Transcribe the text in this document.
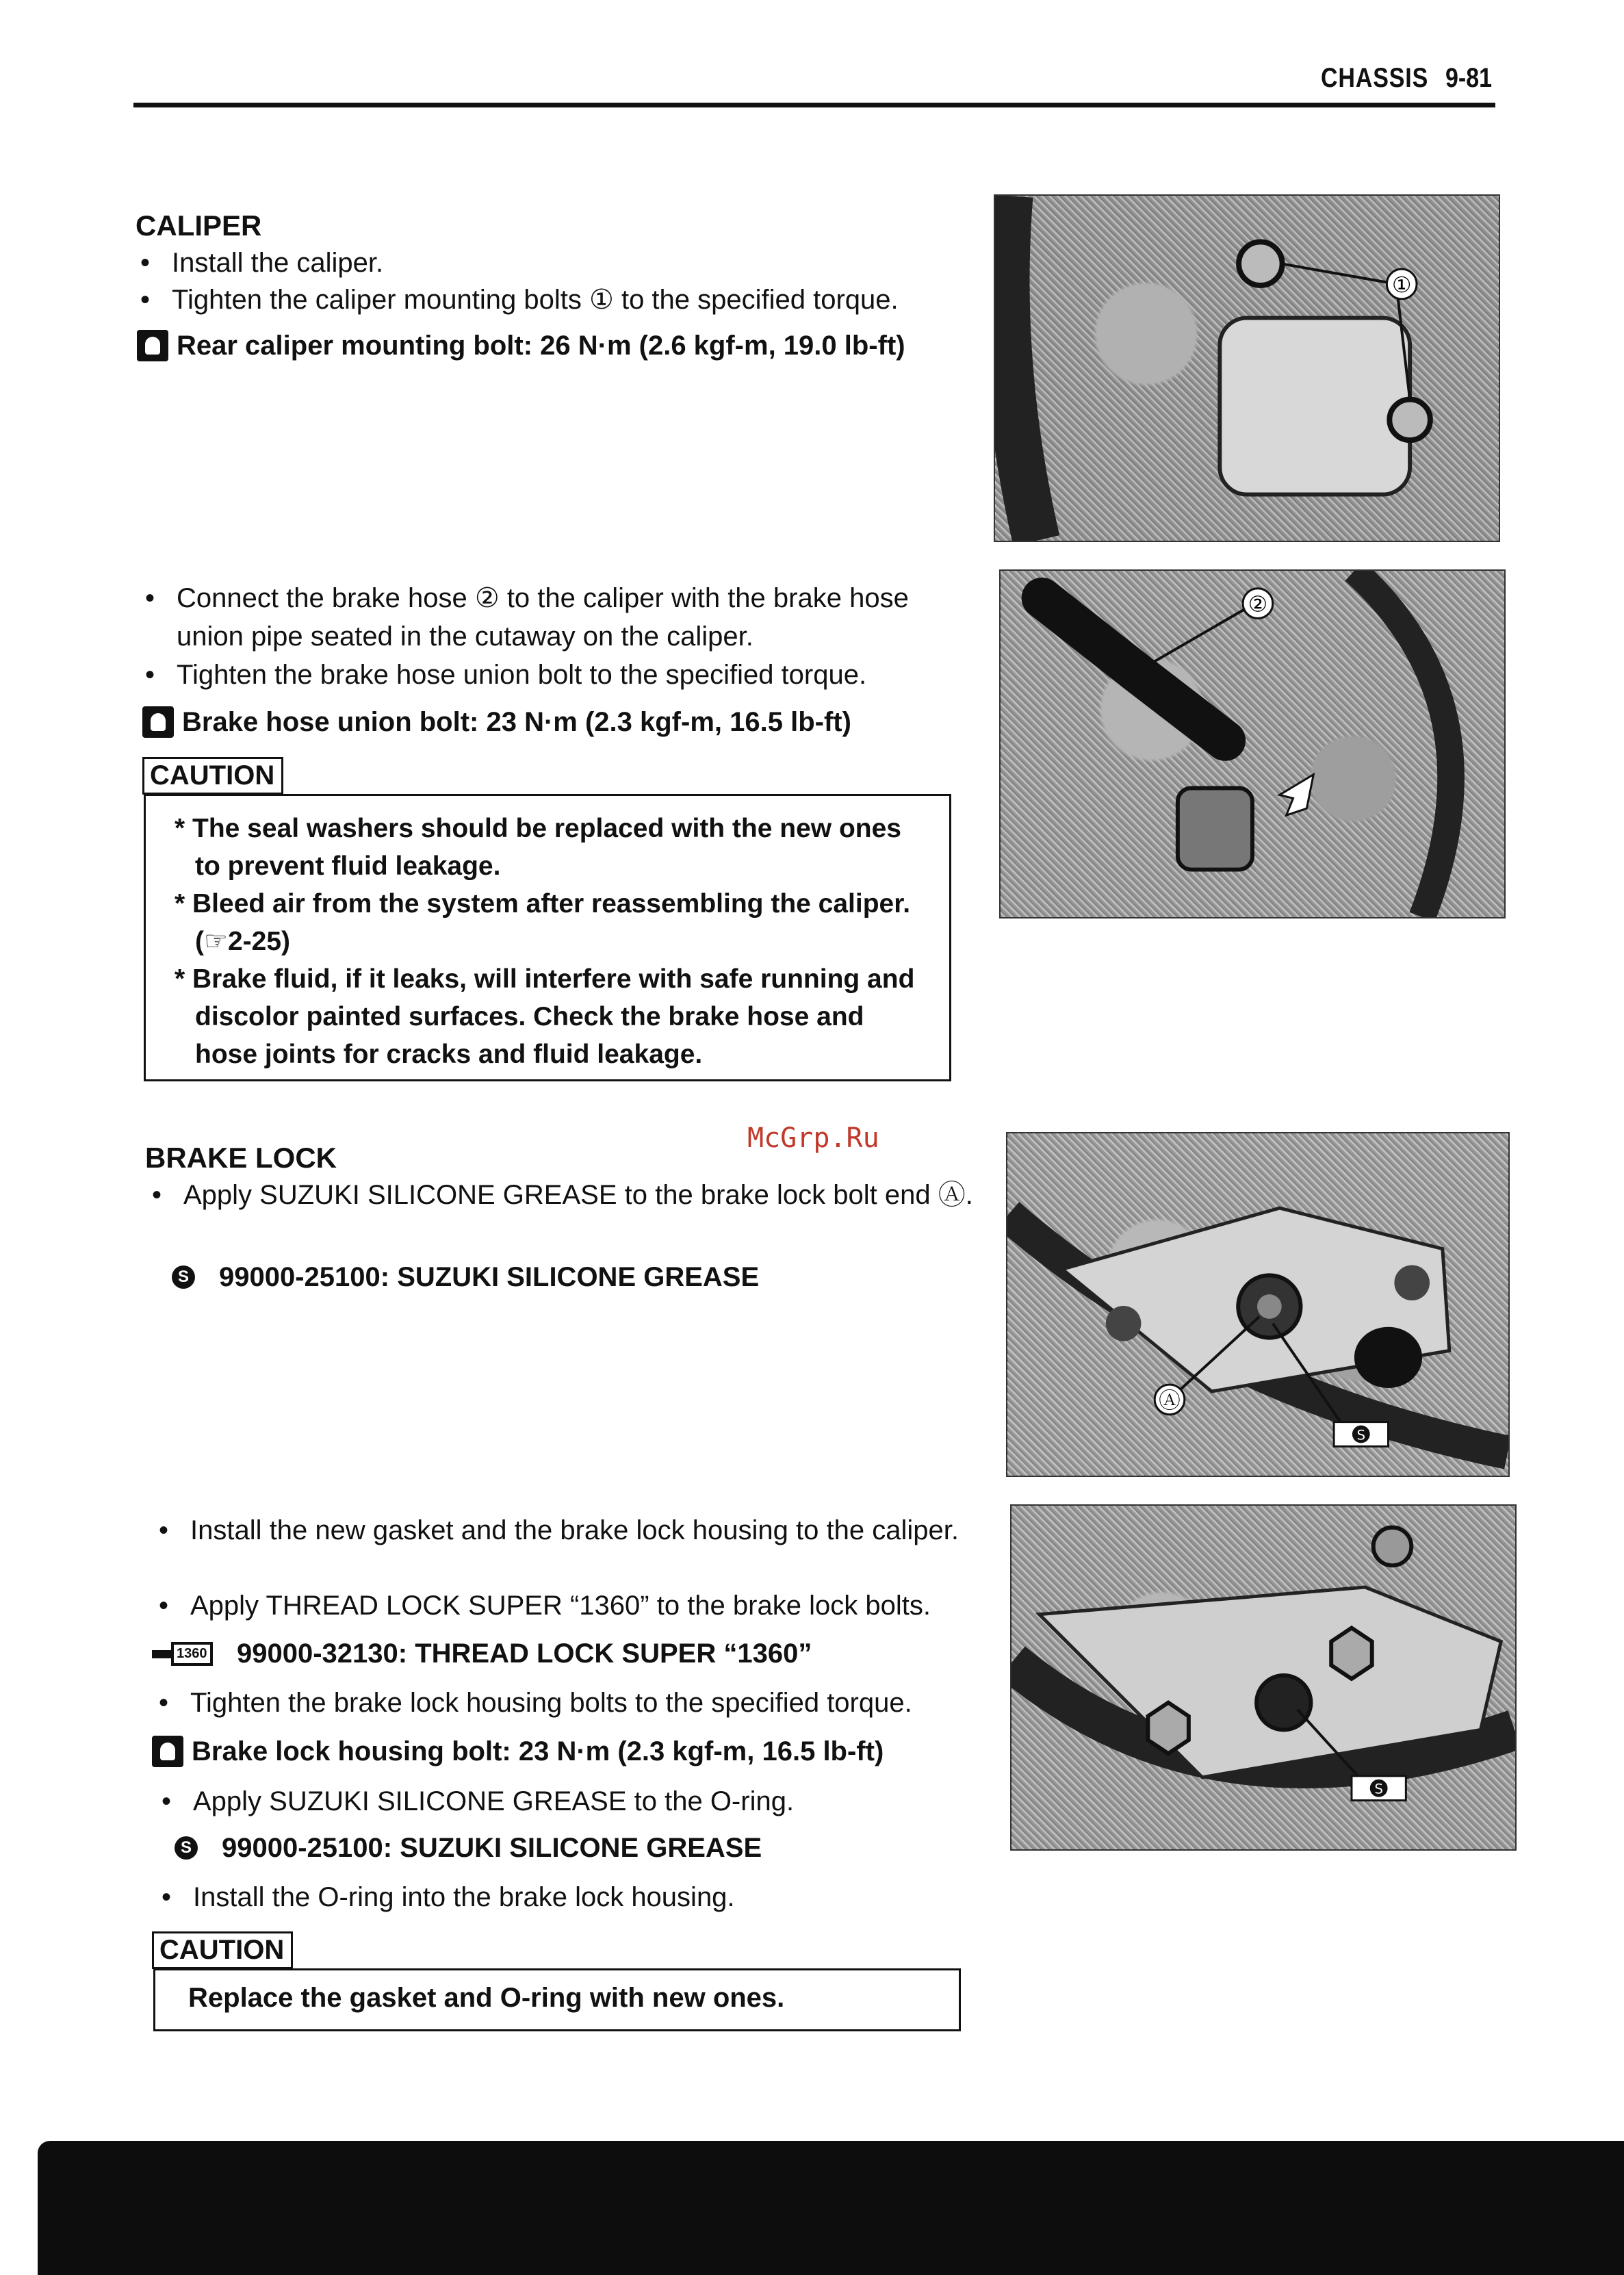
CHASSIS 9-81
CALIPER
• Install the caliper.
• Tighten the caliper mounting bolts ① to the specified torque.
Rear caliper mounting bolt: 26 N·m (2.6 kgf-m, 19.0 lb-ft)
①
• Connect the brake hose ② to the caliper with the brake hose union pipe seated in the cutaway on the caliper.
• Tighten the brake hose union bolt to the specified torque.
Brake hose union bolt: 23 N·m (2.3 kgf-m, 16.5 lb-ft)
CAUTION
* The seal washers should be replaced with the new ones to prevent fluid leakage.
* Bleed air from the system after reassembling the caliper. (☞2-25)
* Brake fluid, if it leaks, will interfere with safe running and discolor painted surfaces. Check the brake hose and hose joints for cracks and fluid leakage.
②
McGrp.Ru
BRAKE LOCK
• Apply SUZUKI SILICONE GREASE to the brake lock bolt end Ⓐ.
S 99000-25100: SUZUKI SILICONE GREASE
Ⓐ
S
• Install the new gasket and the brake lock housing to the caliper.
• Apply THREAD LOCK SUPER “1360” to the brake lock bolts.
1360 99000-32130: THREAD LOCK SUPER “1360”
• Tighten the brake lock housing bolts to the specified torque.
Brake lock housing bolt: 23 N·m (2.3 kgf-m, 16.5 lb-ft)
• Apply SUZUKI SILICONE GREASE to the O-ring.
S 99000-25100: SUZUKI SILICONE GREASE
• Install the O-ring into the brake lock housing.
CAUTION
Replace the gasket and O-ring with new ones.
S
